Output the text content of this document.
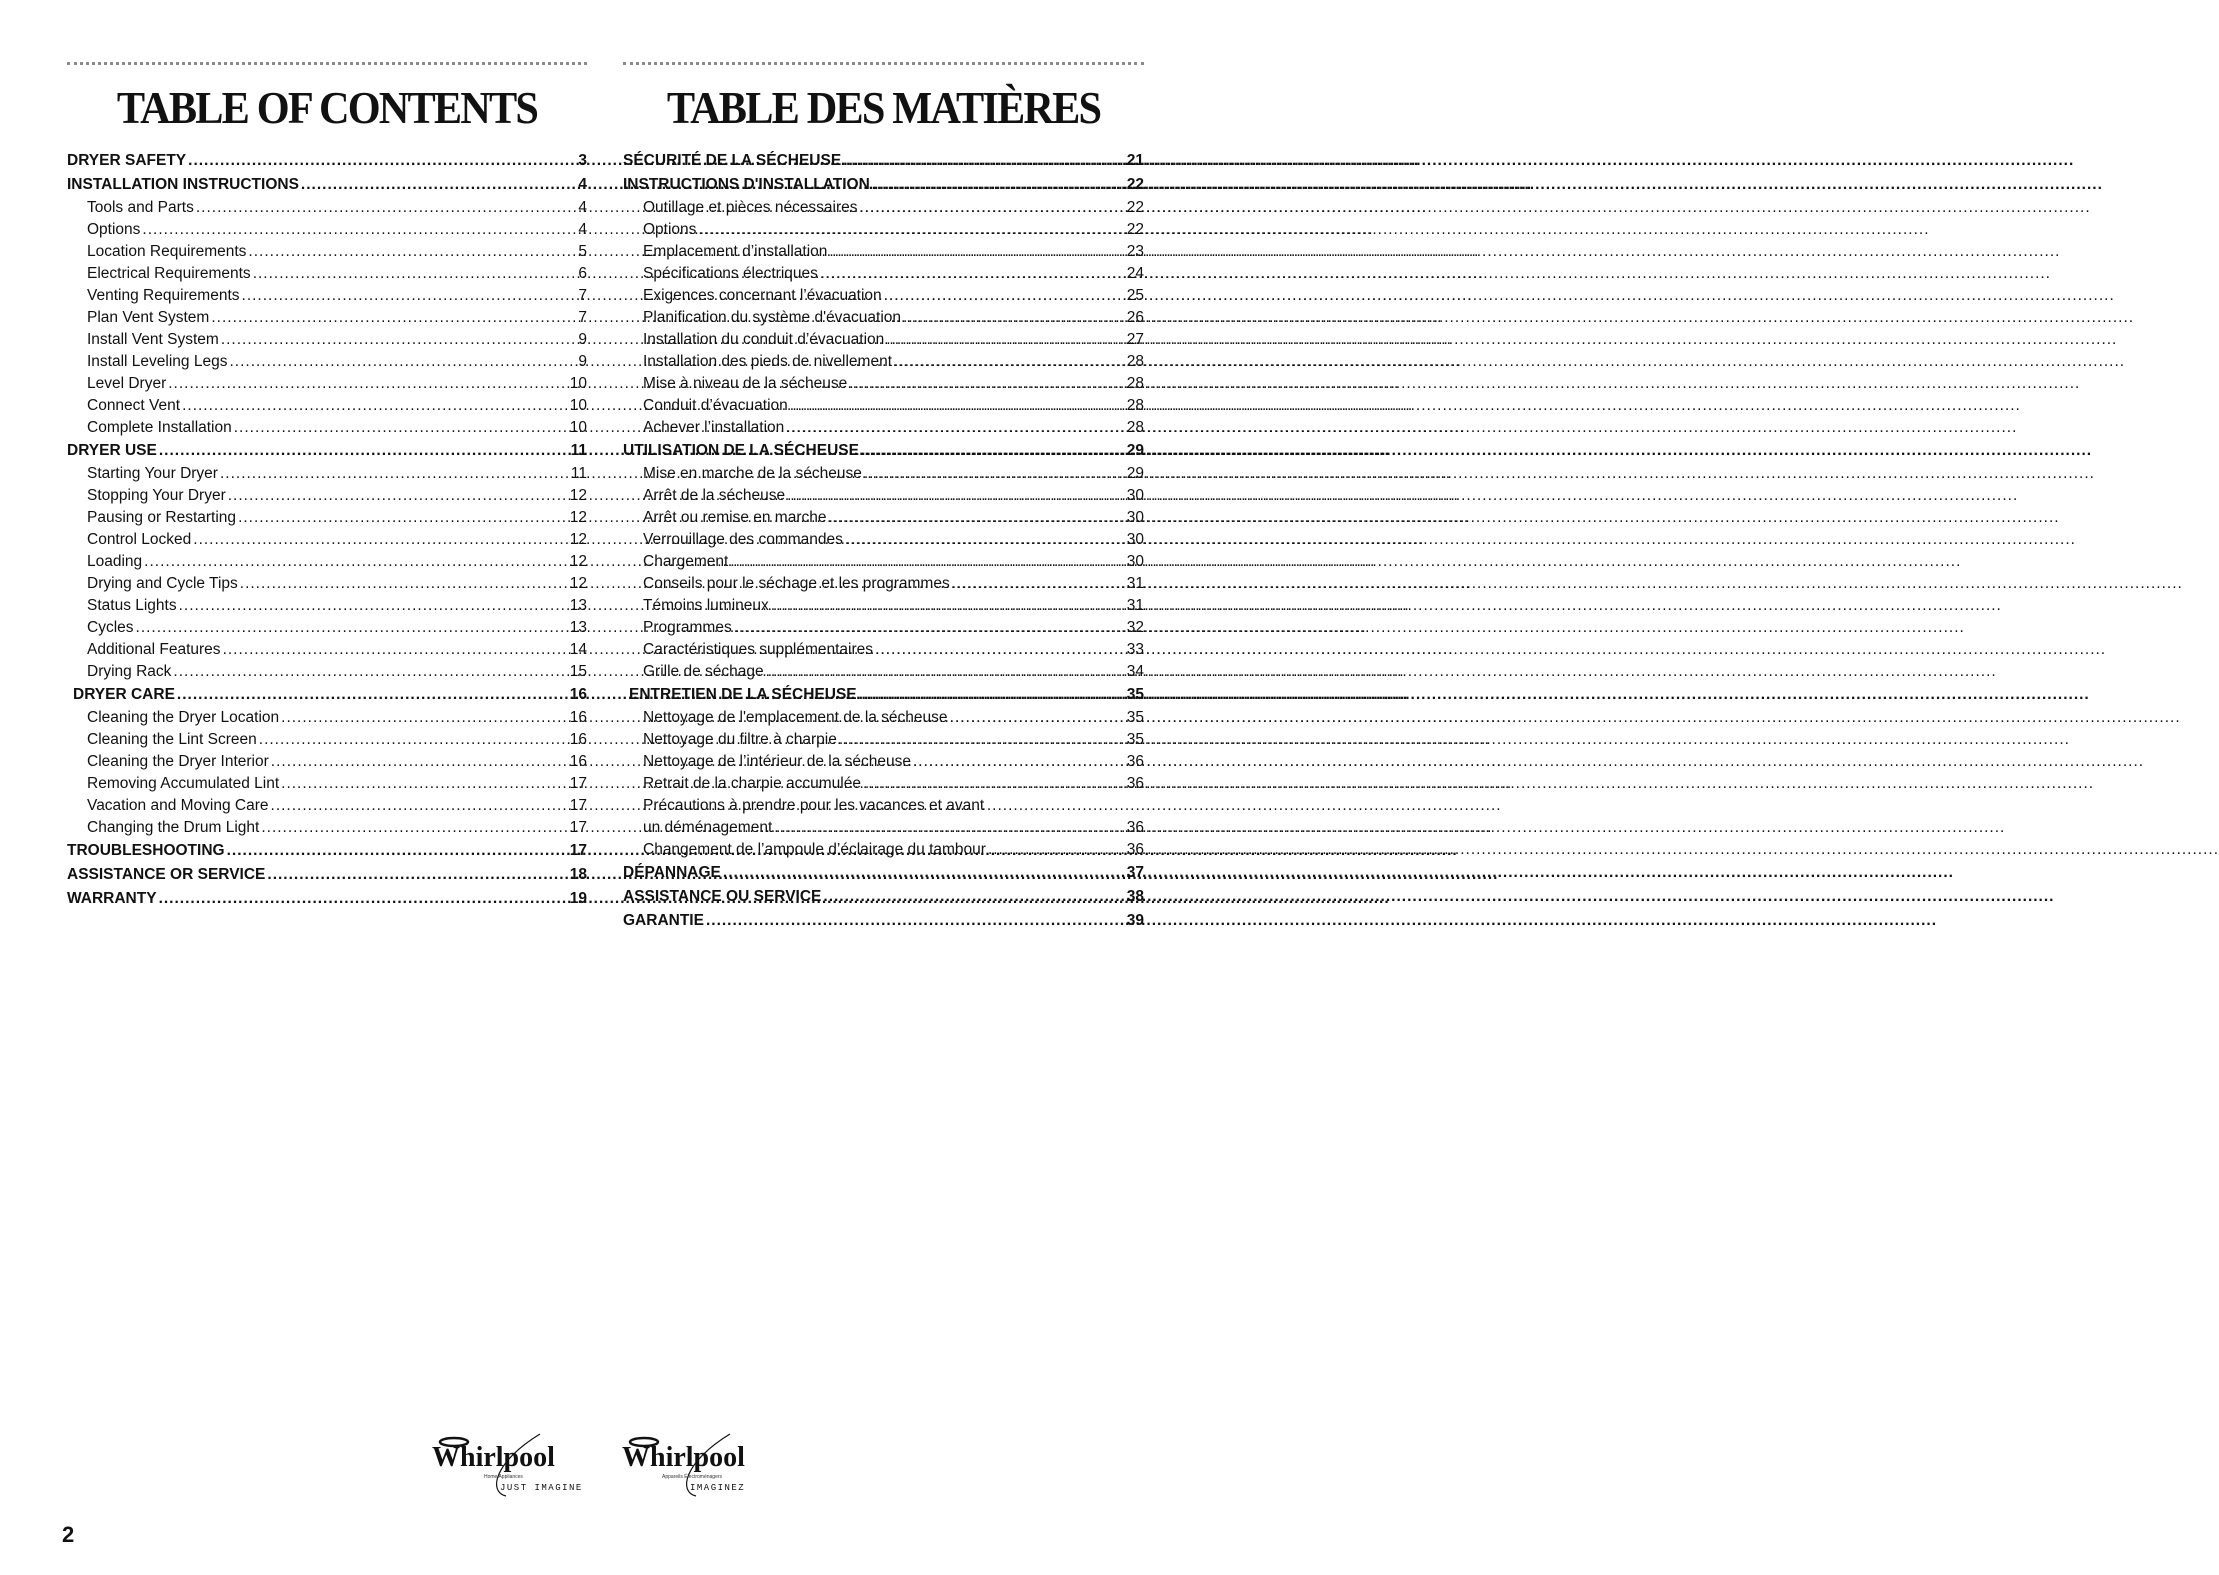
TABLE OF CONTENTS
DRYER SAFETY .....	3
INSTALLATION INSTRUCTIONS .....	4
Tools and Parts .....	4
Options .....	4
Location Requirements .....	5
Electrical Requirements .....	6
Venting Requirements .....	7
Plan Vent System .....	7
Install Vent System .....	9
Install Leveling Legs .....	9
Level Dryer .....	10
Connect Vent .....	10
Complete Installation .....	10
DRYER USE .....	11
Starting Your Dryer .....	11
Stopping Your Dryer .....	12
Pausing or Restarting .....	12
Control Locked .....	12
Loading .....	12
Drying and Cycle Tips .....	12
Status Lights .....	13
Cycles .....	13
Additional Features .....	14
Drying Rack .....	15
DRYER CARE .....	16
Cleaning the Dryer Location .....	16
Cleaning the Lint Screen .....	16
Cleaning the Dryer Interior .....	16
Removing Accumulated Lint .....	17
Vacation and Moving Care .....	17
Changing the Drum Light .....	17
TROUBLESHOOTING .....	17
ASSISTANCE OR SERVICE .....	18
WARRANTY .....	19
TABLE DES MATIÈRES
SÉCURITÉ DE LA SÉCHEUSE .....	21
INSTRUCTIONS D'INSTALLATION .....	22
Outillage et pièces nécessaires .....	22
Options .....	22
Emplacement d’installation .....	23
Spécifications électriques .....	24
Exigences concernant l’évacuation .....	25
Planification du système d'évacuation .....	26
Installation du conduit d’évacuation .....	27
Installation des pieds de nivellement .....	28
Mise à niveau de la sécheuse .....	28
Conduit d’évacuation .....	28
Achever l’installation .....	28
UTILISATION DE LA SÉCHEUSE .....	29
Mise en marche de la sécheuse .....	29
Arrêt de la sécheuse .....	30
Arrêt ou remise en marche .....	30
Verrouillage des commandes .....	30
Chargement .....	30
Conseils pour le séchage et les programmes .....	31
Témoins lumineux .....	31
Programmes .....	32
Caractéristiques supplémentaires .....	33
Grille de séchage .....	34
ENTRETIEN DE LA SÉCHEUSE .....	35
Nettoyage de l'emplacement de la sécheuse .....	35
Nettoyage du filtre à charpie .....	35
Nettoyage de l’intérieur de la sécheuse .....	36
Retrait de la charpie accumulée .....	36
Précautions à prendre pour les vacances et avant
un déménagement .....	36
Changement de l’ampoule d’éclairage du tambour .....	36
DÉPANNAGE .....	37
ASSISTANCE OU SERVICE .....	38
GARANTIE .....	39
Whirlpool
Home Appliances
JUST IMAGINE
Whirlpool
Appareils Électroménagers
IMAGINEZ
2
